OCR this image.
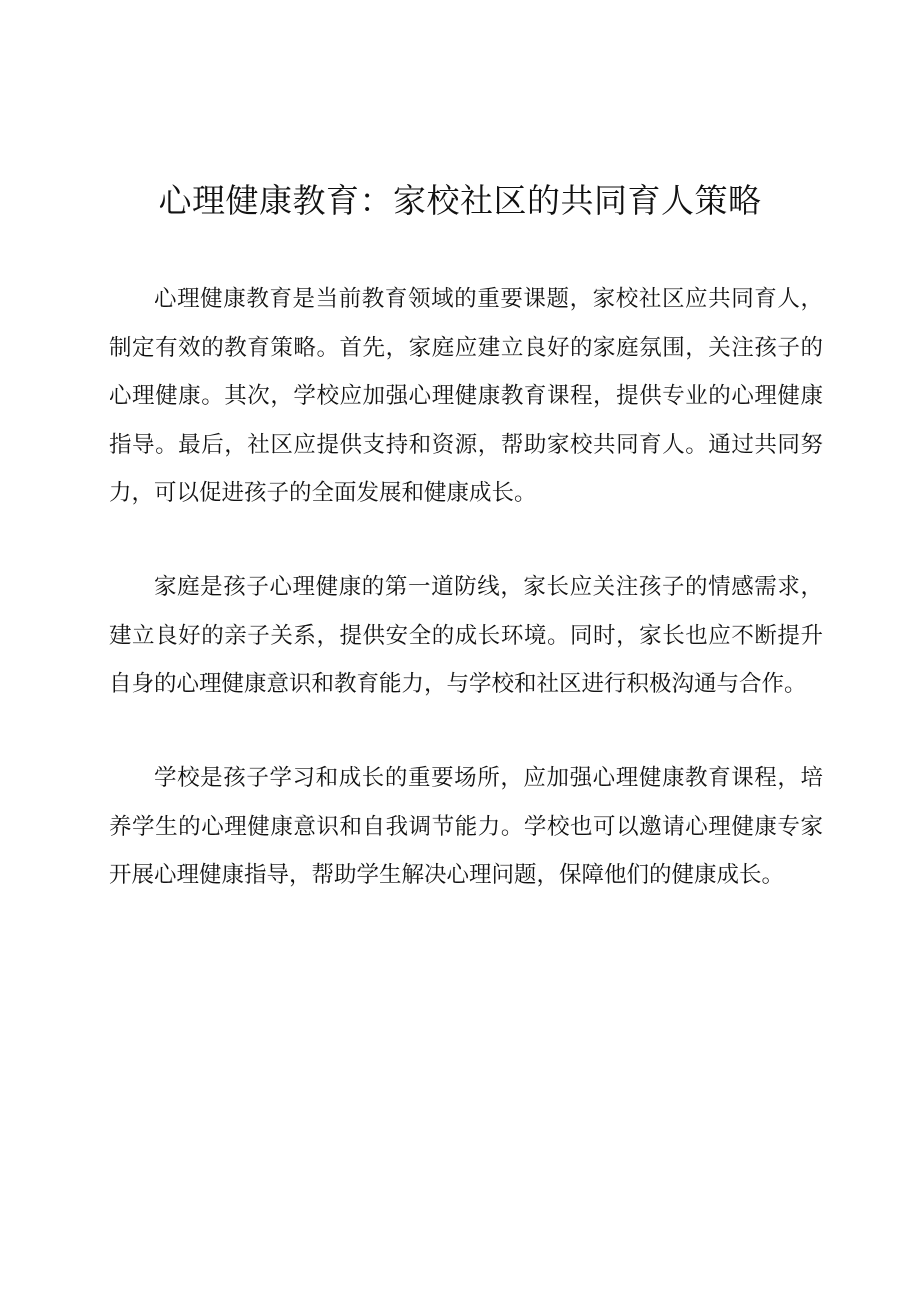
心理健康教育：家校社区的共同育人策略

心理健康教育是当前教育领域的重要课题，家校社区应共同育人，制定有效的教育策略。首先，家庭应建立良好的家庭氛围，关注孩子的心理健康。其次，学校应加强心理健康教育课程，提供专业的心理健康指导。最后，社区应提供支持和资源，帮助家校共同育人。通过共同努力，可以促进孩子的全面发展和健康成长。

家庭是孩子心理健康的第一道防线，家长应关注孩子的情感需求，建立良好的亲子关系，提供安全的成长环境。同时，家长也应不断提升自身的心理健康意识和教育能力，与学校和社区进行积极沟通与合作。

学校是孩子学习和成长的重要场所，应加强心理健康教育课程，培养学生的心理健康意识和自我调节能力。学校也可以邀请心理健康专家开展心理健康指导，帮助学生解决心理问题，保障他们的健康成长。
